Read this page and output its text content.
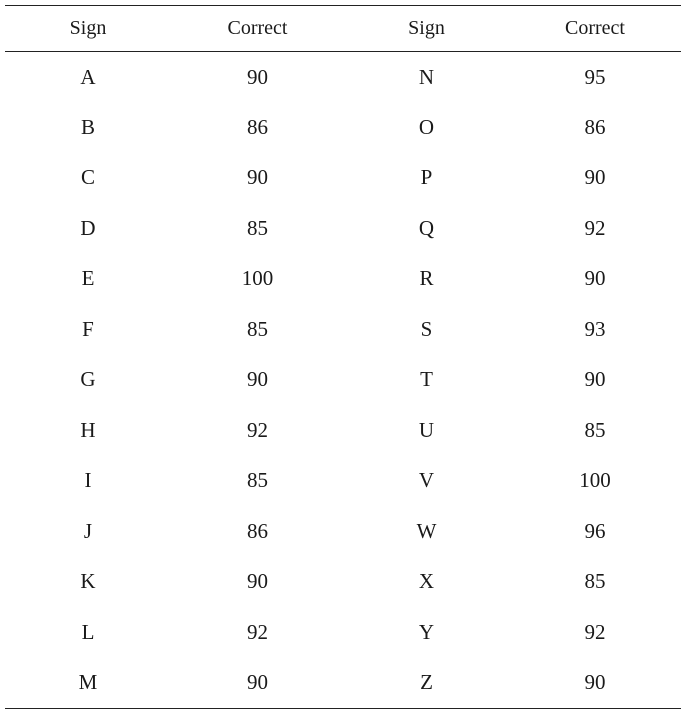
Sign	Correct	Sign	Correct
A	90	N	95
B	86	O	86
C	90	P	90
D	85	Q	92
E	100	R	90
F	85	S	93
G	90	T	90
H	92	U	85
I	85	V	100
J	86	W	96
K	90	X	85
L	92	Y	92
M	90	Z	90
